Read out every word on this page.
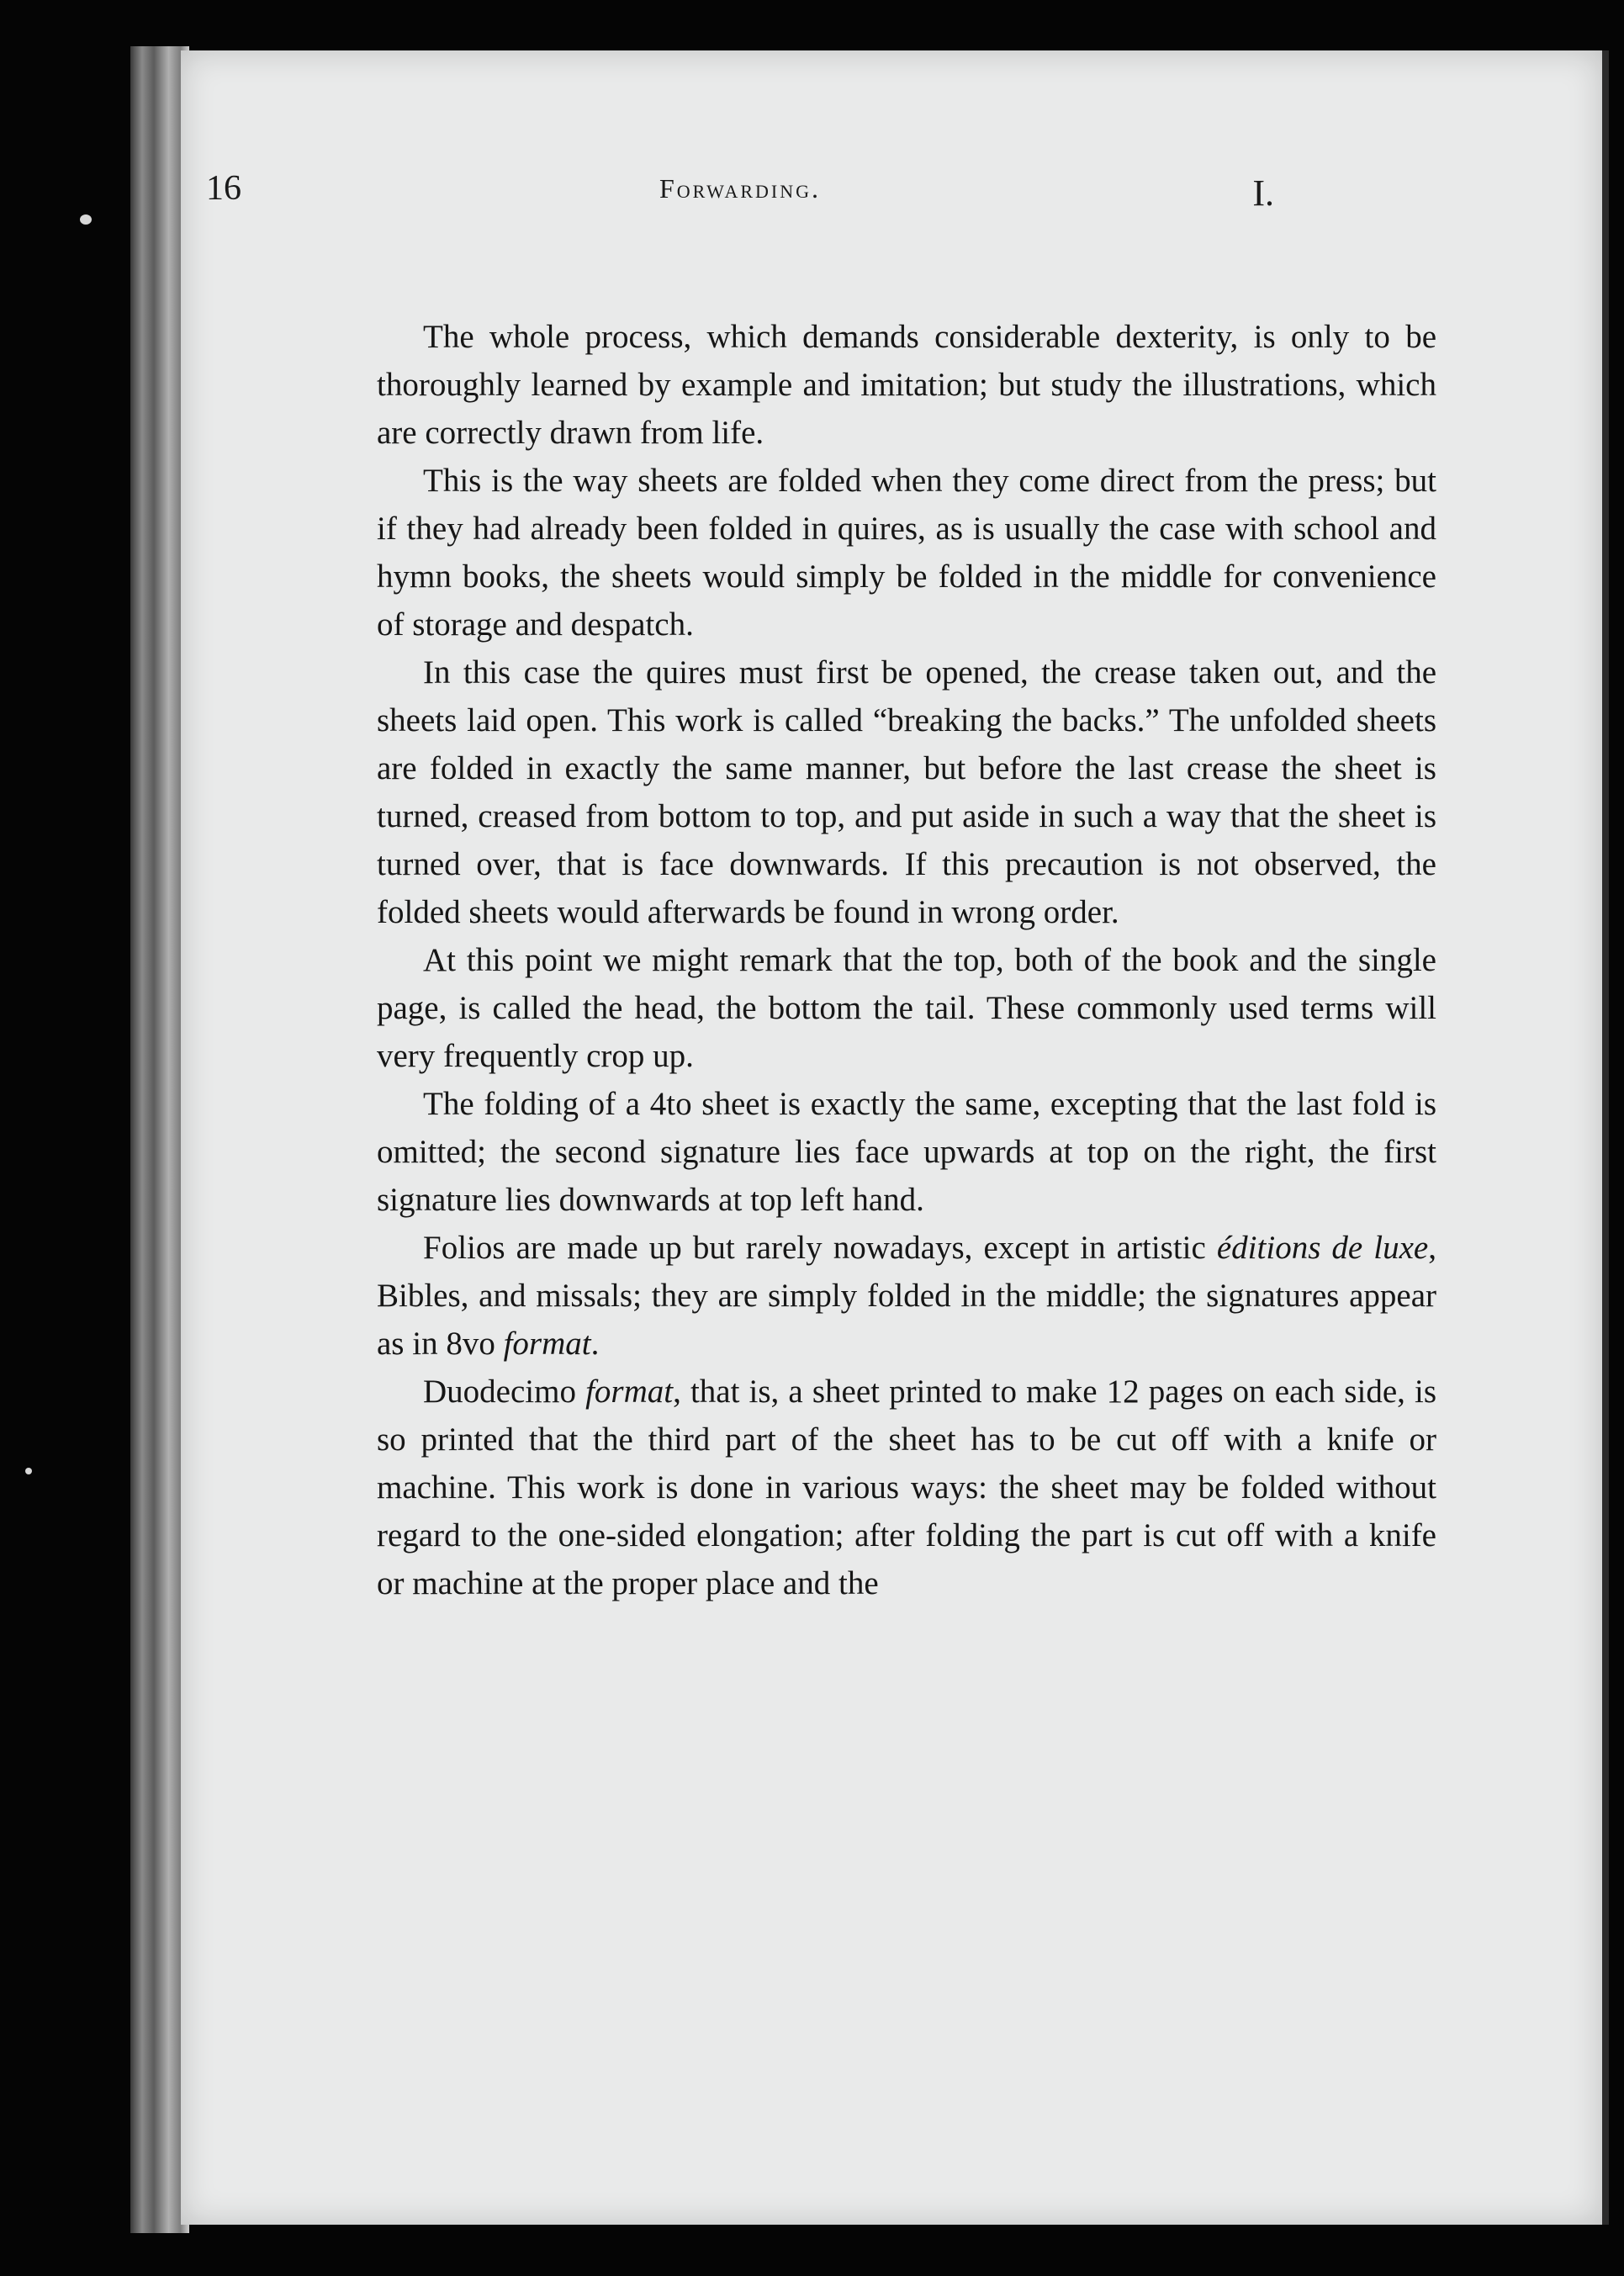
16	Forwarding.	I.

The whole process, which demands considerable dexterity, is only to be thoroughly learned by example and imitation; but study the illustrations, which are correctly drawn from life.

This is the way sheets are folded when they come direct from the press; but if they had already been folded in quires, as is usually the case with school and hymn books, the sheets would simply be folded in the middle for convenience of storage and despatch.

In this case the quires must first be opened, the crease taken out, and the sheets laid open. This work is called “breaking the backs.” The unfolded sheets are folded in exactly the same manner, but before the last crease the sheet is turned, creased from bottom to top, and put aside in such a way that the sheet is turned over, that is face downwards. If this precaution is not observed, the folded sheets would afterwards be found in wrong order.

At this point we might remark that the top, both of the book and the single page, is called the head, the bottom the tail. These commonly used terms will very frequently crop up.

The folding of a 4to sheet is exactly the same, excepting that the last fold is omitted; the second signature lies face upwards at top on the right, the first signature lies downwards at top left hand.

Folios are made up but rarely nowadays, except in artistic éditions de luxe, Bibles, and missals; they are simply folded in the middle; the signatures appear as in 8vo format.

Duodecimo format, that is, a sheet printed to make 12 pages on each side, is so printed that the third part of the sheet has to be cut off with a knife or machine. This work is done in various ways: the sheet may be folded without regard to the one-sided elongation; after folding the part is cut off with a knife or machine at the proper place and the
